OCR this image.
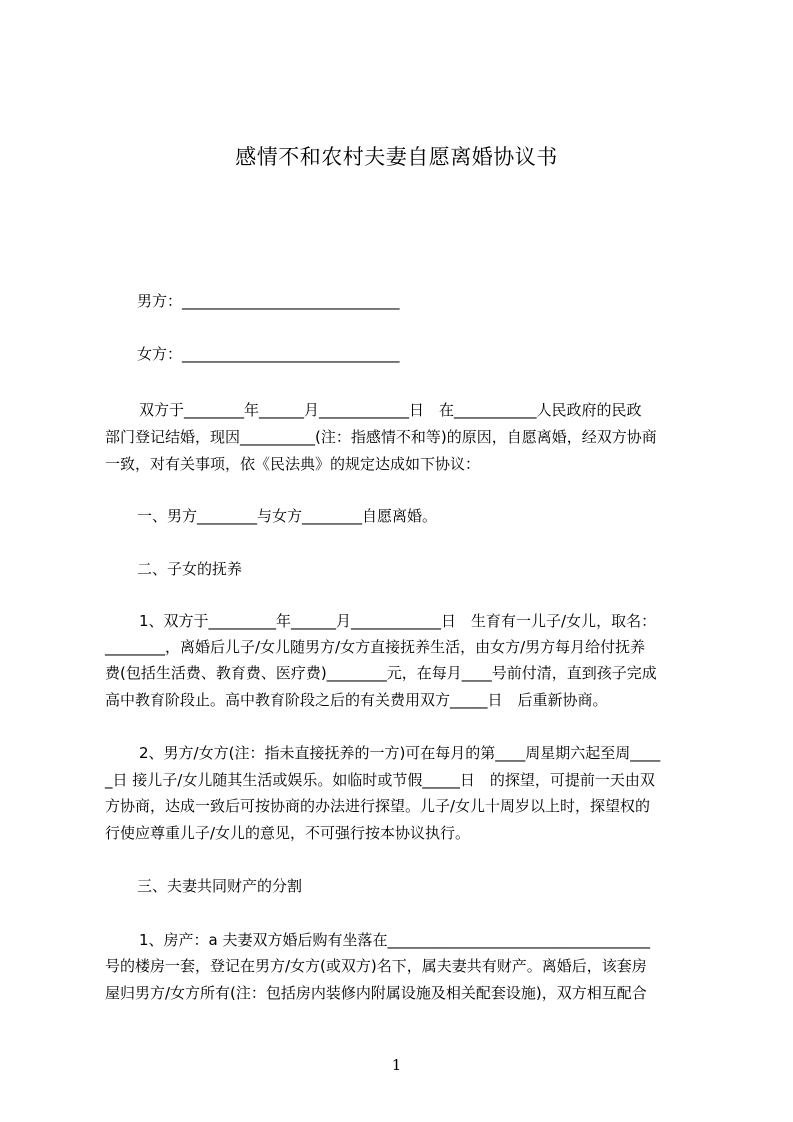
感情不和农村夫妻自愿离婚协议书
男方：_____________________________
女方：_____________________________
双方于________年______月____________日　在___________人民政府的民政
部门登记结婚，现因__________(注：指感情不和等)的原因，自愿离婚，经双方协商
一致，对有关事项，依《民法典》的规定达成如下协议：
一、男方________与女方________自愿离婚。
二、子女的抚养
1、双方于_________年______月____________日　生育有一儿子/女儿，取名：
________，离婚后儿子/女儿随男方/女方直接抚养生活，由女方/男方每月给付抚养
费(包括生活费、教育费、医疗费)________元，在每月____号前付清，直到孩子完成
高中教育阶段止。高中教育阶段之后的有关费用双方_____日　后重新协商。
2、男方/女方(注：指未直接抚养的一方)可在每月的第____周星期六起至周____
_日 接儿子/女儿随其生活或娱乐。如临时或节假_____日　的探望，可提前一天由双
方协商，达成一致后可按协商的办法进行探望。儿子/女儿十周岁以上时，探望权的
行使应尊重儿子/女儿的意见，不可强行按本协议执行。
三、夫妻共同财产的分割
1、房产：a 夫妻双方婚后购有坐落在___________________________________
号的楼房一套，登记在男方/女方(或双方)名下，属夫妻共有财产。离婚后，该套房
屋归男方/女方所有(注：包括房内装修内附属设施及相关配套设施)，双方相互配合
1
